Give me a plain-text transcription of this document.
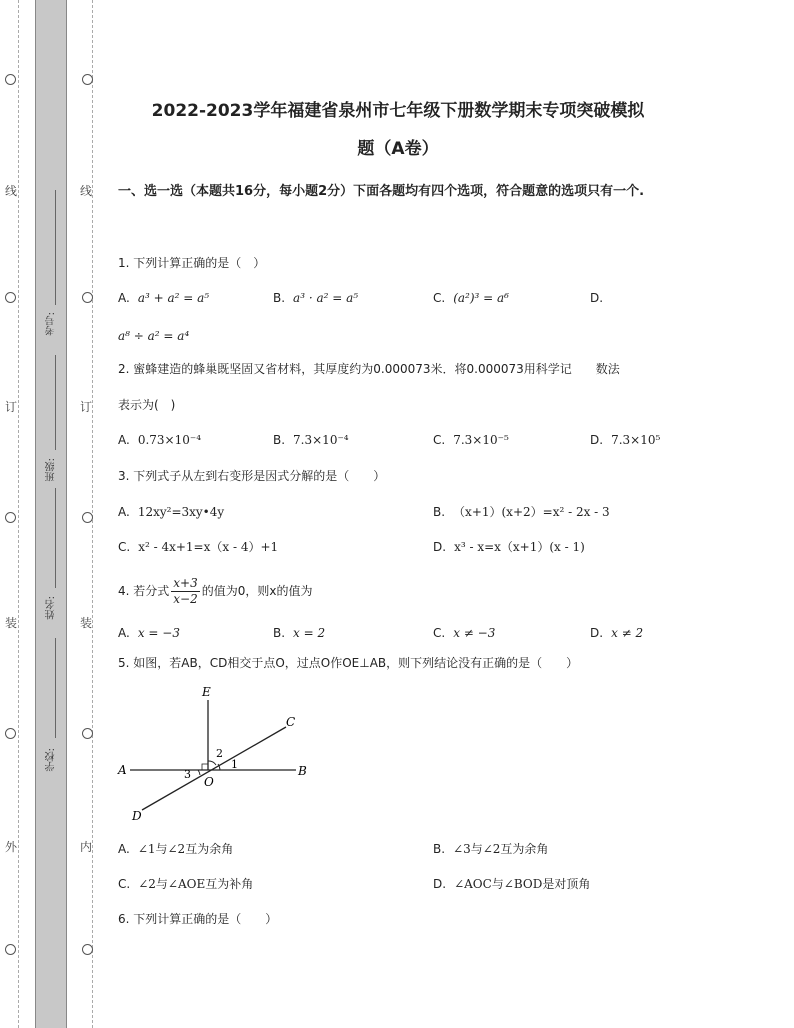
线
订
装
外
线
订
装
内
考号:
班级:
姓名:
学校:
2022-2023学年福建省泉州市七年级下册数学期末专项突破模拟
题（A卷）
一、选一选（本题共16分，每小题2分）下面各题均有四个选项，符合题意的选项只有一个.
1. 下列计算正确的是（　）
A. a³ + a² = a⁵	B. a³ · a² = a⁵	C. (a²)³ = a⁶	D.
a⁸ ÷ a² = a⁴
2. 蜜蜂建造的蜂巢既坚固又省材料，其厚度约为0.000073米．将0.000073用科学记　　数法
表示为(　)
A. 0.73×10⁻⁴	B. 7.3×10⁻⁴	C. 7.3×10⁻⁵	D. 7.3×10⁵
3. 下列式子从左到右变形是因式分解的是（　　）
A. 12xy²=3xy•4y	B. （x+1）(x+2）=x² - 2x - 3
C. x² - 4x+1=x（x - 4）+1	D. x³ - x=x（x+1）(x - 1)
4. 若分式 $\frac{x+3}{x-2}$ 的值为0，则x的值为
A. x = −3	B. x = 2	C. x ≠ −3	D. x ≠ 2
5. 如图，若AB，CD相交于点O，过点O作OE⊥AB，则下列结论没有正确的是（　　）
E
C
A	B
O
D
1
2
3
A. ∠1与∠2互为余角	B. ∠3与∠2互为余角
C. ∠2与∠AOE互为补角	D. ∠AOC与∠BOD是对顶角
6. 下列计算正确的是（　　）
